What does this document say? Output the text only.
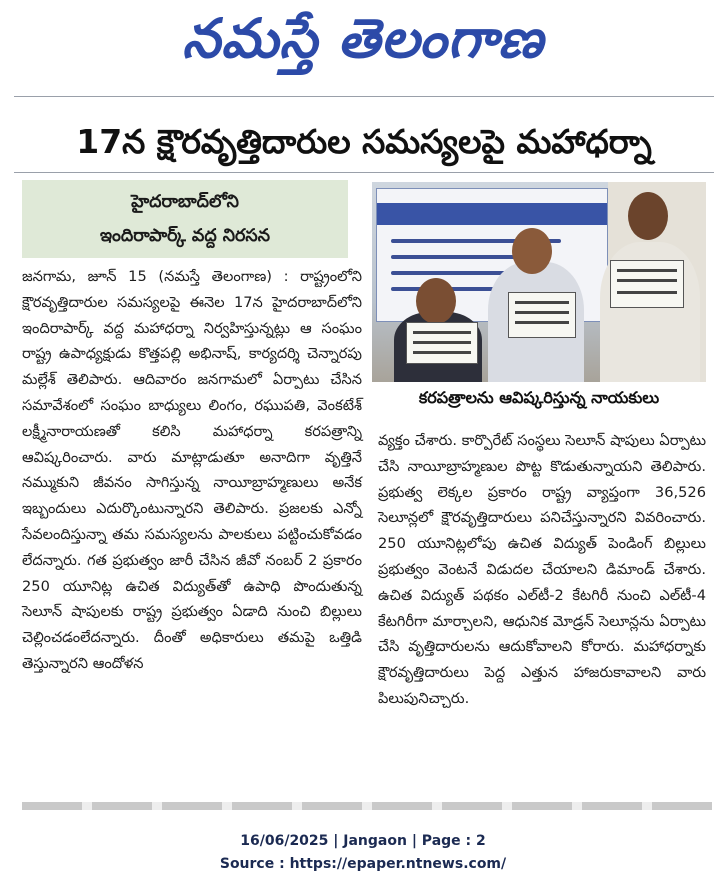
నమస్తే తెలంగాణ
17న క్షౌరవృత్తిదారుల సమస్యలపై మహాధర్నా
హైదరాబాద్‌లోని
ఇందిరాపార్క్ వద్ద నిరసన

జనగామ, జూన్ 15 (నమస్తే తెలంగాణ) : రాష్ట్రంలోని క్షౌరవృత్తిదారుల సమస్యలపై ఈనెల 17న హైదరాబాద్‌లోని ఇందిరాపార్క్ వద్ద మహాధర్నా నిర్వహిస్తున్నట్లు ఆ సంఘం రాష్ట్ర ఉపాధ్యక్షుడు కొత్తపల్లి అభినాష్, కార్యదర్శి చెన్నారపు మల్లేశ్ తెలిపారు. ఆదివారం జనగామలో ఏర్పాటు చేసిన సమావేశంలో సంఘం బాధ్యులు లింగం, రఘుపతి, వెంకటేశ్ లక్ష్మీనారాయణతో కలిసి మహాధర్నా కరపత్రాన్ని ఆవిష్కరించారు. వారు మాట్లాడుతూ అనాదిగా వృత్తినే నమ్ముకుని జీవనం సాగిస్తున్న నాయీబ్రాహ్మణులు అనేక ఇబ్బందులు ఎదుర్కొంటున్నారని తెలిపారు. ప్రజలకు ఎన్నో సేవలందిస్తున్నా తమ సమస్యలను పాలకులు పట్టించుకోవడం లేదన్నారు. గత ప్రభుత్వం జారీ చేసిన జీవో నంబర్ 2 ప్రకారం 250 యూనిట్ల ఉచిత విద్యుత్‌తో ఉపాధి పొందుతున్న సెలూన్ షాపులకు రాష్ట్ర ప్రభుత్వం ఏడాది నుంచి బిల్లులు చెల్లించడంలేదన్నారు. దీంతో అధికారులు తమపై ఒత్తిడి తెస్తున్నారని ఆందోళన

కరపత్రాలను ఆవిష్కరిస్తున్న నాయకులు

వ్యక్తం చేశారు. కార్పొరేట్ సంస్థలు సెలూన్ షాపులు ఏర్పాటు చేసి నాయీబ్రాహ్మణుల పొట్ట కొడుతున్నాయని తెలిపారు. ప్రభుత్వ లెక్కల ప్రకారం రాష్ట్ర వ్యాప్తంగా 36,526 సెలూన్లలో క్షౌరవృత్తిదారులు పనిచేస్తున్నారని వివరించారు. 250 యూనిట్లలోపు ఉచిత విద్యుత్ పెండింగ్ బిల్లులు ప్రభుత్వం వెంటనే విడుదల చేయాలని డిమాండ్ చేశారు. ఉచిత విద్యుత్ పథకం ఎల్‌టీ-2 కేటగిరీ నుంచి ఎల్‌టీ-4 కేటగిరీగా మార్చాలని, ఆధునిక మోడ్రన్ సెలూన్లను ఏర్పాటు చేసి వృత్తిదారులను ఆదుకోవాలని కోరారు. మహాధర్నాకు క్షౌరవృత్తిదారులు పెద్ద ఎత్తున హాజరుకావాలని వారు పిలుపునిచ్చారు.

16/06/2025 | Jangaon | Page : 2
Source : https://epaper.ntnews.com/
